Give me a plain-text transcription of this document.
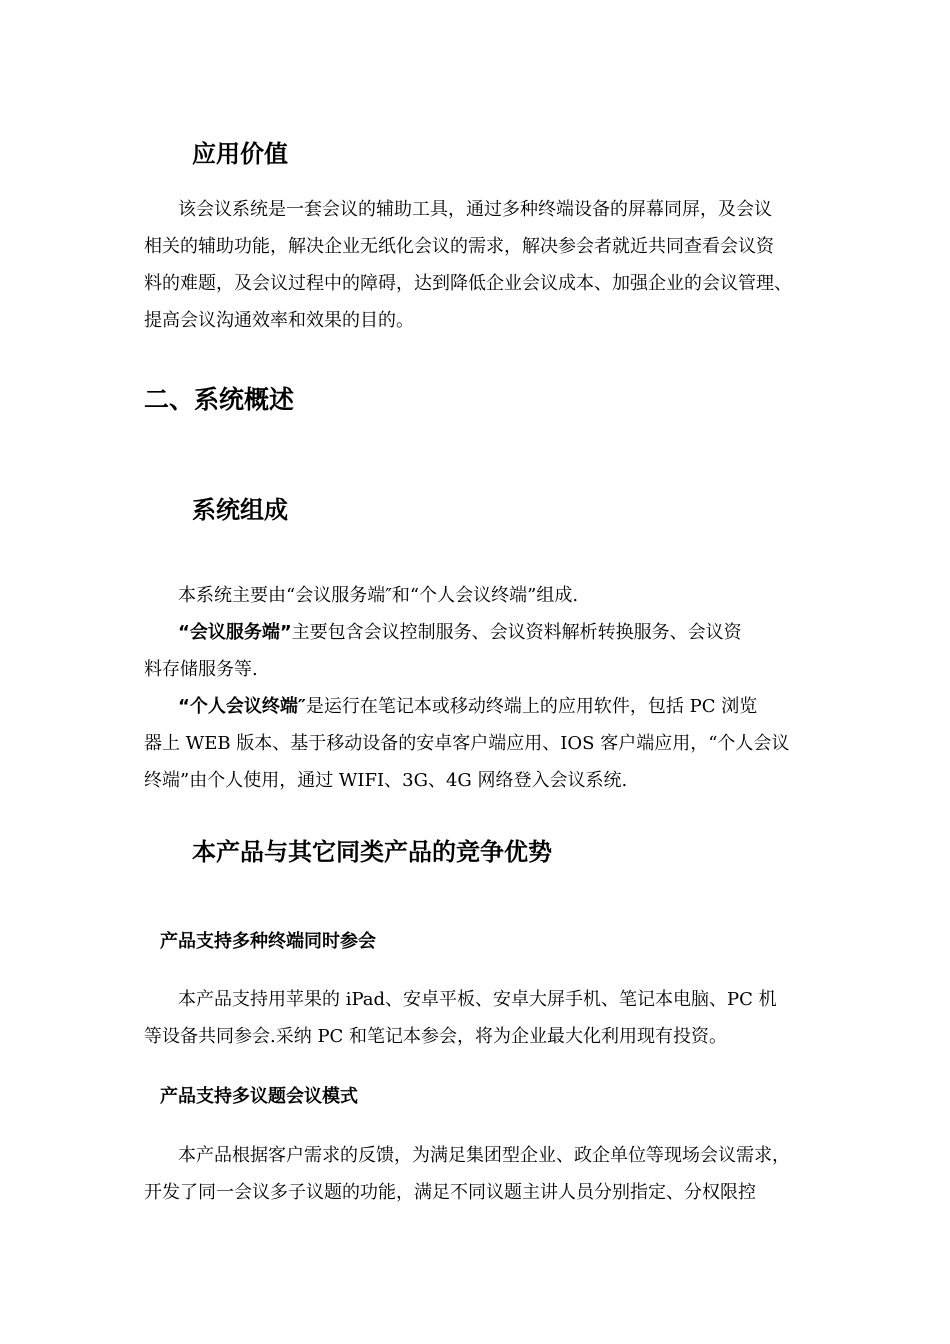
应用价值
该会议系统是一套会议的辅助工具，通过多种终端设备的屏幕同屏，及会议
相关的辅助功能，解决企业无纸化会议的需求，解决参会者就近共同查看会议资
料的难题，及会议过程中的障碍，达到降低企业会议成本、加强企业的会议管理、
提高会议沟通效率和效果的目的。
二、系统概述
系统组成
本系统主要由“会议服务端″和“个人会议终端”组成.
“会议服务端”主要包含会议控制服务、会议资料解析转换服务、会议资
料存储服务等.
“个人会议终端″是运行在笔记本或移动终端上的应用软件，包括 PC 浏览
器上 WEB 版本、基于移动设备的安卓客户端应用、IOS 客户端应用，“个人会议
终端”由个人使用，通过 WIFI、3G、4G 网络登入会议系统.
本产品与其它同类产品的竞争优势
产品支持多种终端同时参会
本产品支持用苹果的 iPad、安卓平板、安卓大屏手机、笔记本电脑、PC 机
等设备共同参会.采纳 PC 和笔记本参会，将为企业最大化利用现有投资。
产品支持多议题会议模式
本产品根据客户需求的反馈，为满足集团型企业、政企单位等现场会议需求，
开发了同一会议多子议题的功能，满足不同议题主讲人员分别指定、分权限控
